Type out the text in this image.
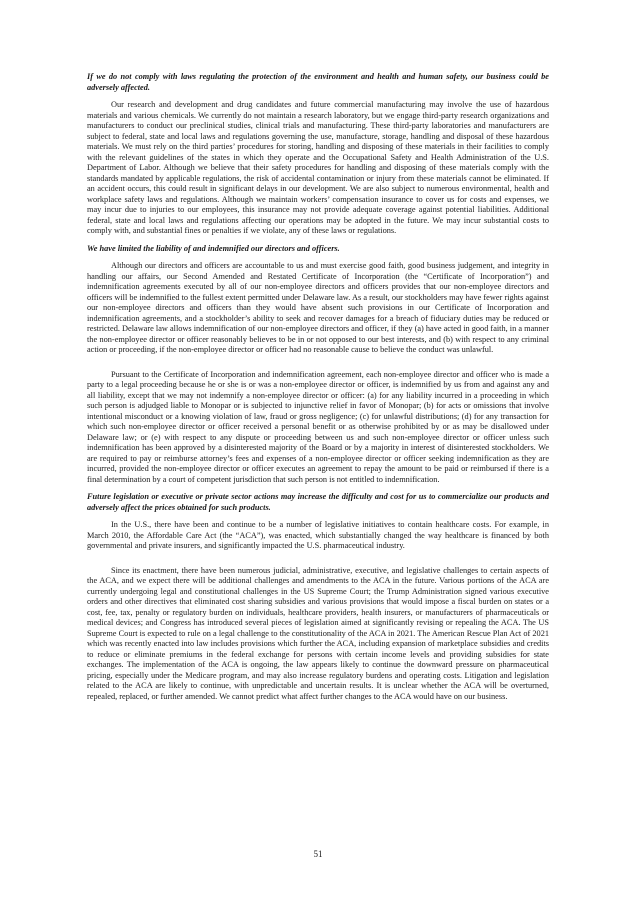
If we do not comply with laws regulating the protection of the environment and health and human safety, our business could be adversely affected.

Our research and development and drug candidates and future commercial manufacturing may involve the use of hazardous materials and various chemicals. We currently do not maintain a research laboratory, but we engage third-party research organizations and manufacturers to conduct our preclinical studies, clinical trials and manufacturing. These third-party laboratories and manufacturers are subject to federal, state and local laws and regulations governing the use, manufacture, storage, handling and disposal of these hazardous materials. We must rely on the third parties’ procedures for storing, handling and disposing of these materials in their facilities to comply with the relevant guidelines of the states in which they operate and the Occupational Safety and Health Administration of the U.S. Department of Labor. Although we believe that their safety procedures for handling and disposing of these materials comply with the standards mandated by applicable regulations, the risk of accidental contamination or injury from these materials cannot be eliminated. If an accident occurs, this could result in significant delays in our development. We are also subject to numerous environmental, health and workplace safety laws and regulations. Although we maintain workers’ compensation insurance to cover us for costs and expenses, we may incur due to injuries to our employees, this insurance may not provide adequate coverage against potential liabilities. Additional federal, state and local laws and regulations affecting our operations may be adopted in the future. We may incur substantial costs to comply with, and substantial fines or penalties if we violate, any of these laws or regulations.

We have limited the liability of and indemnified our directors and officers.

Although our directors and officers are accountable to us and must exercise good faith, good business judgement, and integrity in handling our affairs, our Second Amended and Restated Certificate of Incorporation (the “Certificate of Incorporation”) and indemnification agreements executed by all of our non-employee directors and officers provides that our non-employee directors and officers will be indemnified to the fullest extent permitted under Delaware law. As a result, our stockholders may have fewer rights against our non-employee directors and officers than they would have absent such provisions in our Certificate of Incorporation and indemnification agreements, and a stockholder’s ability to seek and recover damages for a breach of fiduciary duties may be reduced or restricted. Delaware law allows indemnification of our non-employee directors and officer, if they (a) have acted in good faith, in a manner the non-employee director or officer reasonably believes to be in or not opposed to our best interests, and (b) with respect to any criminal action or proceeding, if the non-employee director or officer had no reasonable cause to believe the conduct was unlawful.

Pursuant to the Certificate of Incorporation and indemnification agreement, each non-employee director and officer who is made a party to a legal proceeding because he or she is or was a non-employee director or officer, is indemnified by us from and against any and all liability, except that we may not indemnify a non-employee director or officer: (a) for any liability incurred in a proceeding in which such person is adjudged liable to Monopar or is subjected to injunctive relief in favor of Monopar; (b) for acts or omissions that involve intentional misconduct or a knowing violation of law, fraud or gross negligence; (c) for unlawful distributions; (d) for any transaction for which such non-employee director or officer received a personal benefit or as otherwise prohibited by or as may be disallowed under Delaware law; or (e) with respect to any dispute or proceeding between us and such non-employee director or officer unless such indemnification has been approved by a disinterested majority of the Board or by a majority in interest of disinterested stockholders. We are required to pay or reimburse attorney’s fees and expenses of a non-employee director or officer seeking indemnification as they are incurred, provided the non-employee director or officer executes an agreement to repay the amount to be paid or reimbursed if there is a final determination by a court of competent jurisdiction that such person is not entitled to indemnification.

Future legislation or executive or private sector actions may increase the difficulty and cost for us to commercialize our products and adversely affect the prices obtained for such products.

In the U.S., there have been and continue to be a number of legislative initiatives to contain healthcare costs. For example, in March 2010, the Affordable Care Act (the “ACA”), was enacted, which substantially changed the way healthcare is financed by both governmental and private insurers, and significantly impacted the U.S. pharmaceutical industry.

Since its enactment, there have been numerous judicial, administrative, executive, and legislative challenges to certain aspects of the ACA, and we expect there will be additional challenges and amendments to the ACA in the future. Various portions of the ACA are currently undergoing legal and constitutional challenges in the US Supreme Court; the Trump Administration signed various executive orders and other directives that eliminated cost sharing subsidies and various provisions that would impose a fiscal burden on states or a cost, fee, tax, penalty or regulatory burden on individuals, healthcare providers, health insurers, or manufacturers of pharmaceuticals or medical devices; and Congress has introduced several pieces of legislation aimed at significantly revising or repealing the ACA. The US Supreme Court is expected to rule on a legal challenge to the constitutionality of the ACA in 2021. The American Rescue Plan Act of 2021 which was recently enacted into law includes provisions which further the ACA, including expansion of marketplace subsidies and credits to reduce or eliminate premiums in the federal exchange for persons with certain income levels and providing subsidies for state exchanges. The implementation of the ACA is ongoing, the law appears likely to continue the downward pressure on pharmaceutical pricing, especially under the Medicare program, and may also increase regulatory burdens and operating costs. Litigation and legislation related to the ACA are likely to continue, with unpredictable and uncertain results. It is unclear whether the ACA will be overturned, repealed, replaced, or further amended. We cannot predict what affect further changes to the ACA would have on our business.

51
